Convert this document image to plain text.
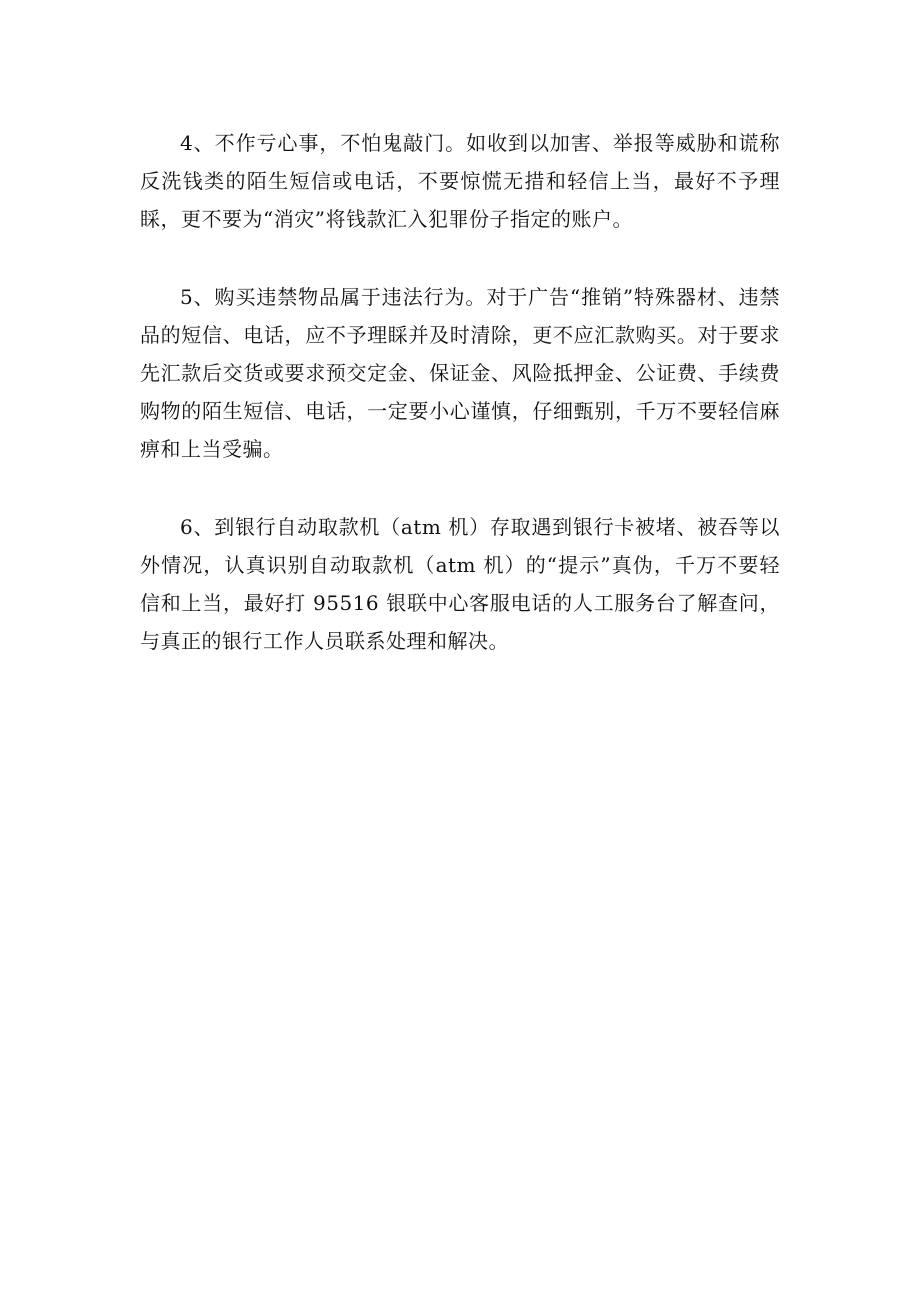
4、不作亏心事，不怕鬼敲门。如收到以加害、举报等威胁和谎称反洗钱类的陌生短信或电话，不要惊慌无措和轻信上当，最好不予理睬，更不要为“消灾”将钱款汇入犯罪份子指定的账户。

5、购买违禁物品属于违法行为。对于广告“推销”特殊器材、违禁品的短信、电话，应不予理睬并及时清除，更不应汇款购买。对于要求先汇款后交货或要求预交定金、保证金、风险抵押金、公证费、手续费购物的陌生短信、电话，一定要小心谨慎，仔细甄别，千万不要轻信麻痹和上当受骗。

6、到银行自动取款机（atm 机）存取遇到银行卡被堵、被吞等以外情况，认真识别自动取款机（atm 机）的“提示”真伪，千万不要轻信和上当，最好打 95516 银联中心客服电话的人工服务台了解查问，与真正的银行工作人员联系处理和解决。
